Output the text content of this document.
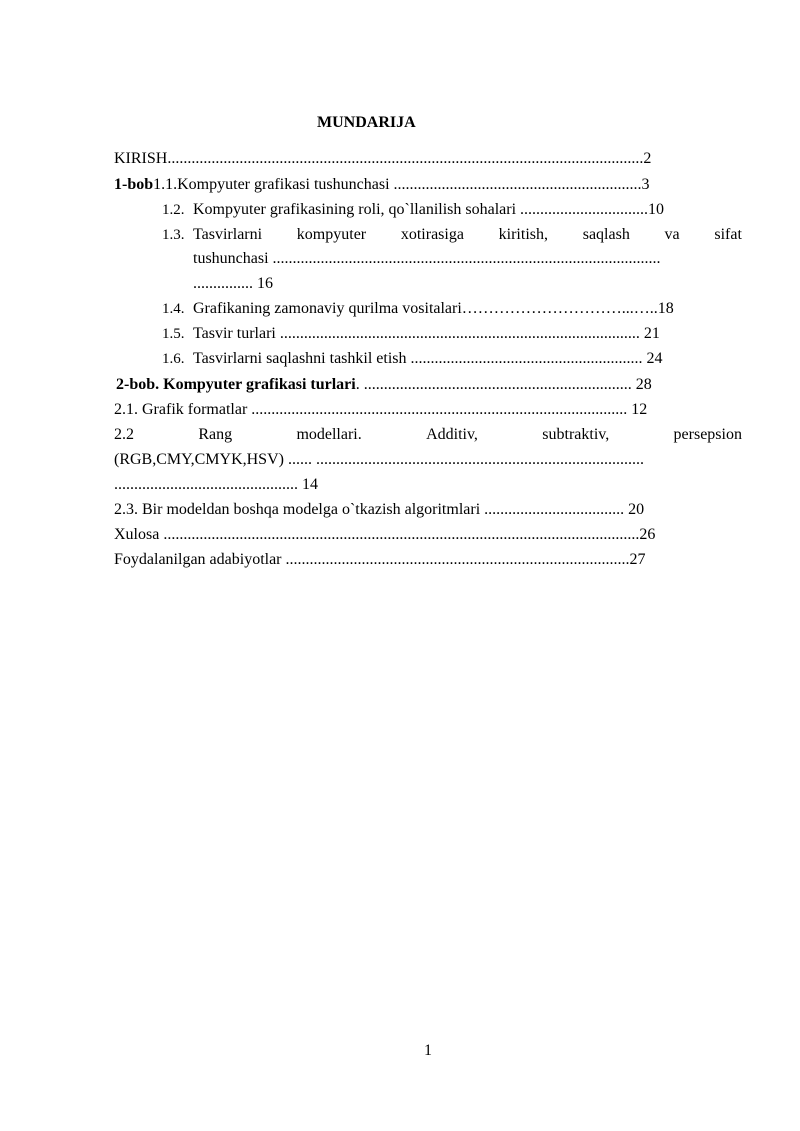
MUNDARIJA
KIRISH.......................................................................................................................2
1-bob1.1.Kompyuter grafikasi tushunchasi ..............................................................3
1.2. Kompyuter grafikasining roli, qo`llanilish sohalari ................................10
1.3. Tasvirlarni kompyuter xotirasiga kiritish, saqlash va sifat
tushunchasi .................................................................................................
............... 16
1.4. Grafikaning zamonaviy qurilma vositalari…………………………...…..18
1.5. Tasvir turlari .......................................................................................... 21
1.6. Tasvirlarni saqlashni tashkil etish .......................................................... 24
2-bob. Kompyuter grafikasi turlari. ................................................................... 28
2.1. Grafik formatlar .............................................................................................. 12
2.2	Rang	modellari.	Additiv,	subtraktiv,	persepsion
(RGB,CMY,CMYK,HSV) ...... ..................................................................................
.............................................. 14
2.3. Bir modeldan boshqa modelga o`tkazish algoritmlari ................................... 20
Xulosa .......................................................................................................................26
Foydalanilgan adabiyotlar ......................................................................................27
1
